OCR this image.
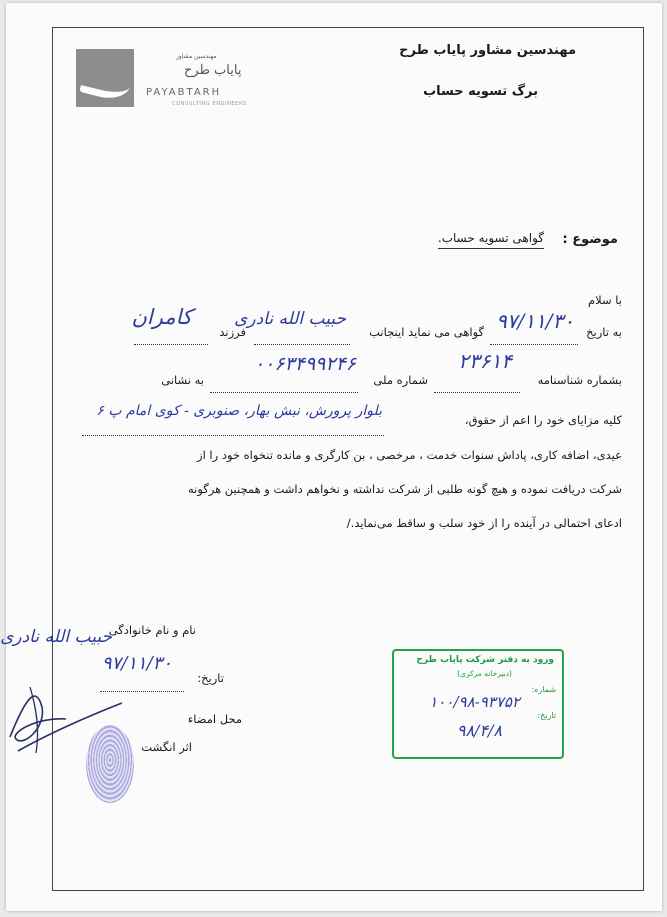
مهندسین مشاور پایاب طرح
برگ تسویه حساب
مهندسین مشاور
پایاب طرح
PAYABTARH
CONSULTING ENGINEERS
موضوع :
گواهی تسویه حساب.
با سلام
به تاریخ
۹۷/۱۱/۳۰
گواهی می نماید اینجانب
حبیب الله نادری
فرزند
کامران
بشماره شناسنامه
۲۳۶۱۴
شماره ملی
۰۰۶۳۴۹۹۲۴۶
به نشانی
بلوار پرورش، نبش بهار، صنوبری - کوی امام پ ۶
کلیه مزایای خود را اعم از حقوق،
عیدی، اضافه کاری، پاداش سنوات خدمت ، مرخصی ، بن کارگری و مانده تنخواه خود را از
شرکت دریافت نموده و هیچ گونه طلبی از شرکت نداشته و نخواهم داشت و همچنین هرگونه
ادعای احتمالی در آینده را از خود سلب و ساقط می‌نماید./
نام و نام خانوادگی
حبیب الله نادری
تاریخ:
۹۷/۱۱/۳۰
محل امضاء
اثر انگشت
ورود به دفتر شرکت پایاب طرح
(دبیرخانه مرکزی)
شماره:
۱۰۰/۹۸-۹۳۷۵۲
تاریخ:
۹۸/۴/۸
